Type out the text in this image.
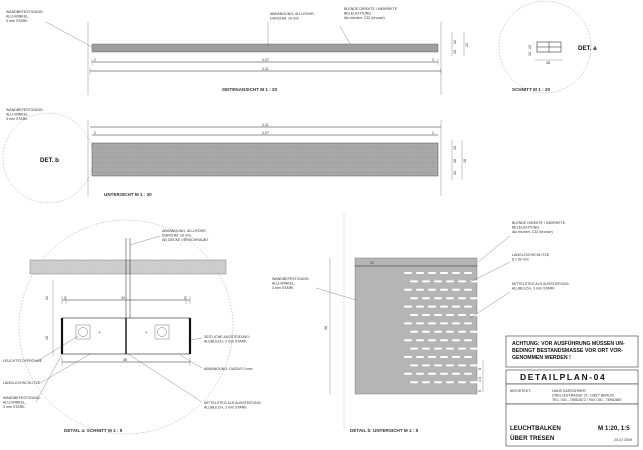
2	4,07	2
4,11
12
10
22
WANDBEFESTIGUNG:
ALU-WINKEL,
3 mm STARK
ABHÄNGUNG, ALU-ROHR,
DURCHM. 10 mm
BLENDE DIREKTE / INDIREKTE
BELEUCHTUNG
Alu eloxiert, C32 (bronze)
SEITENANSICHT M 1 : 20
38
22
10
DET. a
SCHNITT M 1 : 20
4,11
2	4,07	2
10
18
10
18
WANDBEFESTIGUNG:
ALU-WINKEL,
3 mm STARK
DET. b
UNTERSICHT M 1 : 20
+	+
2	34	2
38
12
10
ABHÄNGUNG, ALU-ROHR,
DURCHM. 10 mm,
AN DECKE VERSCHRAUBT
SEITLICHE AUSSTEIFUNG:
ALUBLECH, 3 mm STARK
ABHÄNGUNG: GAZIUS 3 mm
MITTELSTEG ALS AUSSTEIFUNG:
ALUBLECH, 3 mm STARK
LEUCHTSTOFFRÖHRE
LANGLOCHSCHLITZE
WANDBEFESTIGUNG:
ALU-WINKEL,
3 mm STARK
DETAIL a: SCHNITT M 1 : 5
38
10
8
4.5
5
WANDBEFESTIGUNG:
ALU-WINKEL,
3 mm STARK
BLENDE DIREKTE / INDIREKTE
BELEUCHTUNG
Alu eloxiert, C32 (bronze)
LANGLOCHSCHLITZE,
8 x 50 mm
MITTELSTEG ALS AUSSTEIFUNG:
ALUBLECH, 3 mm STARK
DETAIL b: UNTERSICHT M 1 : 5
ACHTUNG: VOR AUSFÜHRUNG MÜSSEN UN-
BEDINGT BESTANDSMASSE VOR ORT VOR-
GENOMMEN WERDEN !
DETAILPLAN-04
ARCHITEKT:	HANS KÄSSOHRER
CRELLESTRASSE 37, 10827 BERLIN
TEL: 030 - 78952872 / FAX 030 - 78952887
LEUCHTBALKEN
ÜBER TRESEN
M 1:20, 1:5
20.07.2009
